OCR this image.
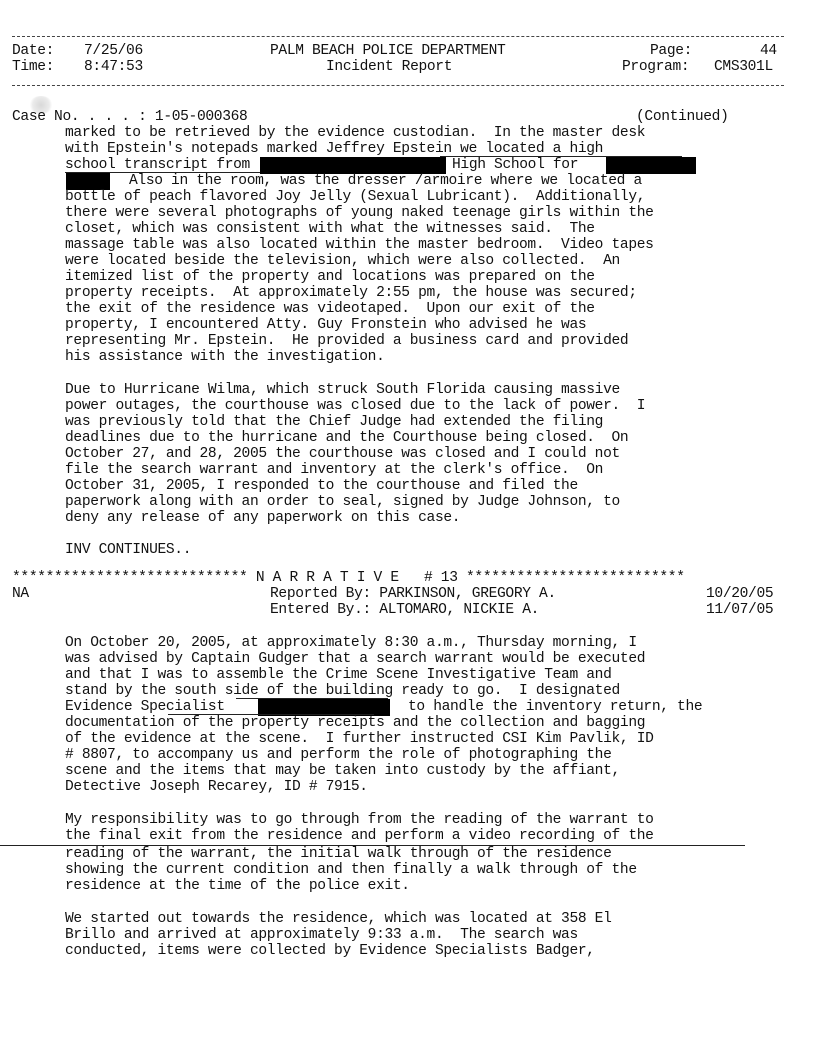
Date: 7/25/06
Time: 8:47:53
PALM BEACH POLICE DEPARTMENT
Incident Report
Page:	44
Program: CMS301L
Case No. . . . : 1-05-000368	(Continued)
marked to be retrieved by the evidence custodian.  In the master desk
with Epstein's notepads marked Jeffrey Epstein we located a high
school transcript from	High School for
Also in the room, was the dresser /armoire where we located a
bottle of peach flavored Joy Jelly (Sexual Lubricant).  Additionally,
there were several photographs of young naked teenage girls within the
closet, which was consistent with what the witnesses said.  The
massage table was also located within the master bedroom.  Video tapes
were located beside the television, which were also collected.  An
itemized list of the property and locations was prepared on the
property receipts.  At approximately 2:55 pm, the house was secured;
the exit of the residence was videotaped.  Upon our exit of the
property, I encountered Atty. Guy Fronstein who advised he was
representing Mr. Epstein.  He provided a business card and provided
his assistance with the investigation.
Due to Hurricane Wilma, which struck South Florida causing massive
power outages, the courthouse was closed due to the lack of power.  I
was previously told that the Chief Judge had extended the filing
deadlines due to the hurricane and the Courthouse being closed.  On
October 27, and 28, 2005 the courthouse was closed and I could not
file the search warrant and inventory at the clerk's office.  On
October 31, 2005, I responded to the courthouse and filed the
paperwork along with an order to seal, signed by Judge Johnson, to
deny any release of any paperwork on this case.
INV CONTINUES..
**************************** N A R R A T I V E   # 13 **************************
NA	Reported By: PARKINSON, GREGORY A.	10/20/05
Entered By.: ALTOMARO, NICKIE A.	11/07/05
On October 20, 2005, at approximately 8:30 a.m., Thursday morning, I
was advised by Captain Gudger that a search warrant would be executed
and that I was to assemble the Crime Scene Investigative Team and
stand by the south side of the building ready to go.  I designated
Evidence Specialist	to handle the inventory return, the
documentation of the property receipts and the collection and bagging
of the evidence at the scene.  I further instructed CSI Kim Pavlik, ID
# 8807, to accompany us and perform the role of photographing the
scene and the items that may be taken into custody by the affiant,
Detective Joseph Recarey, ID # 7915.
My responsibility was to go through from the reading of the warrant to
the final exit from the residence and perform a video recording of the
reading of the warrant, the initial walk through of the residence
showing the current condition and then finally a walk through of the
residence at the time of the police exit.
We started out towards the residence, which was located at 358 El
Brillo and arrived at approximately 9:33 a.m.  The search was
conducted, items were collected by Evidence Specialists Badger,
